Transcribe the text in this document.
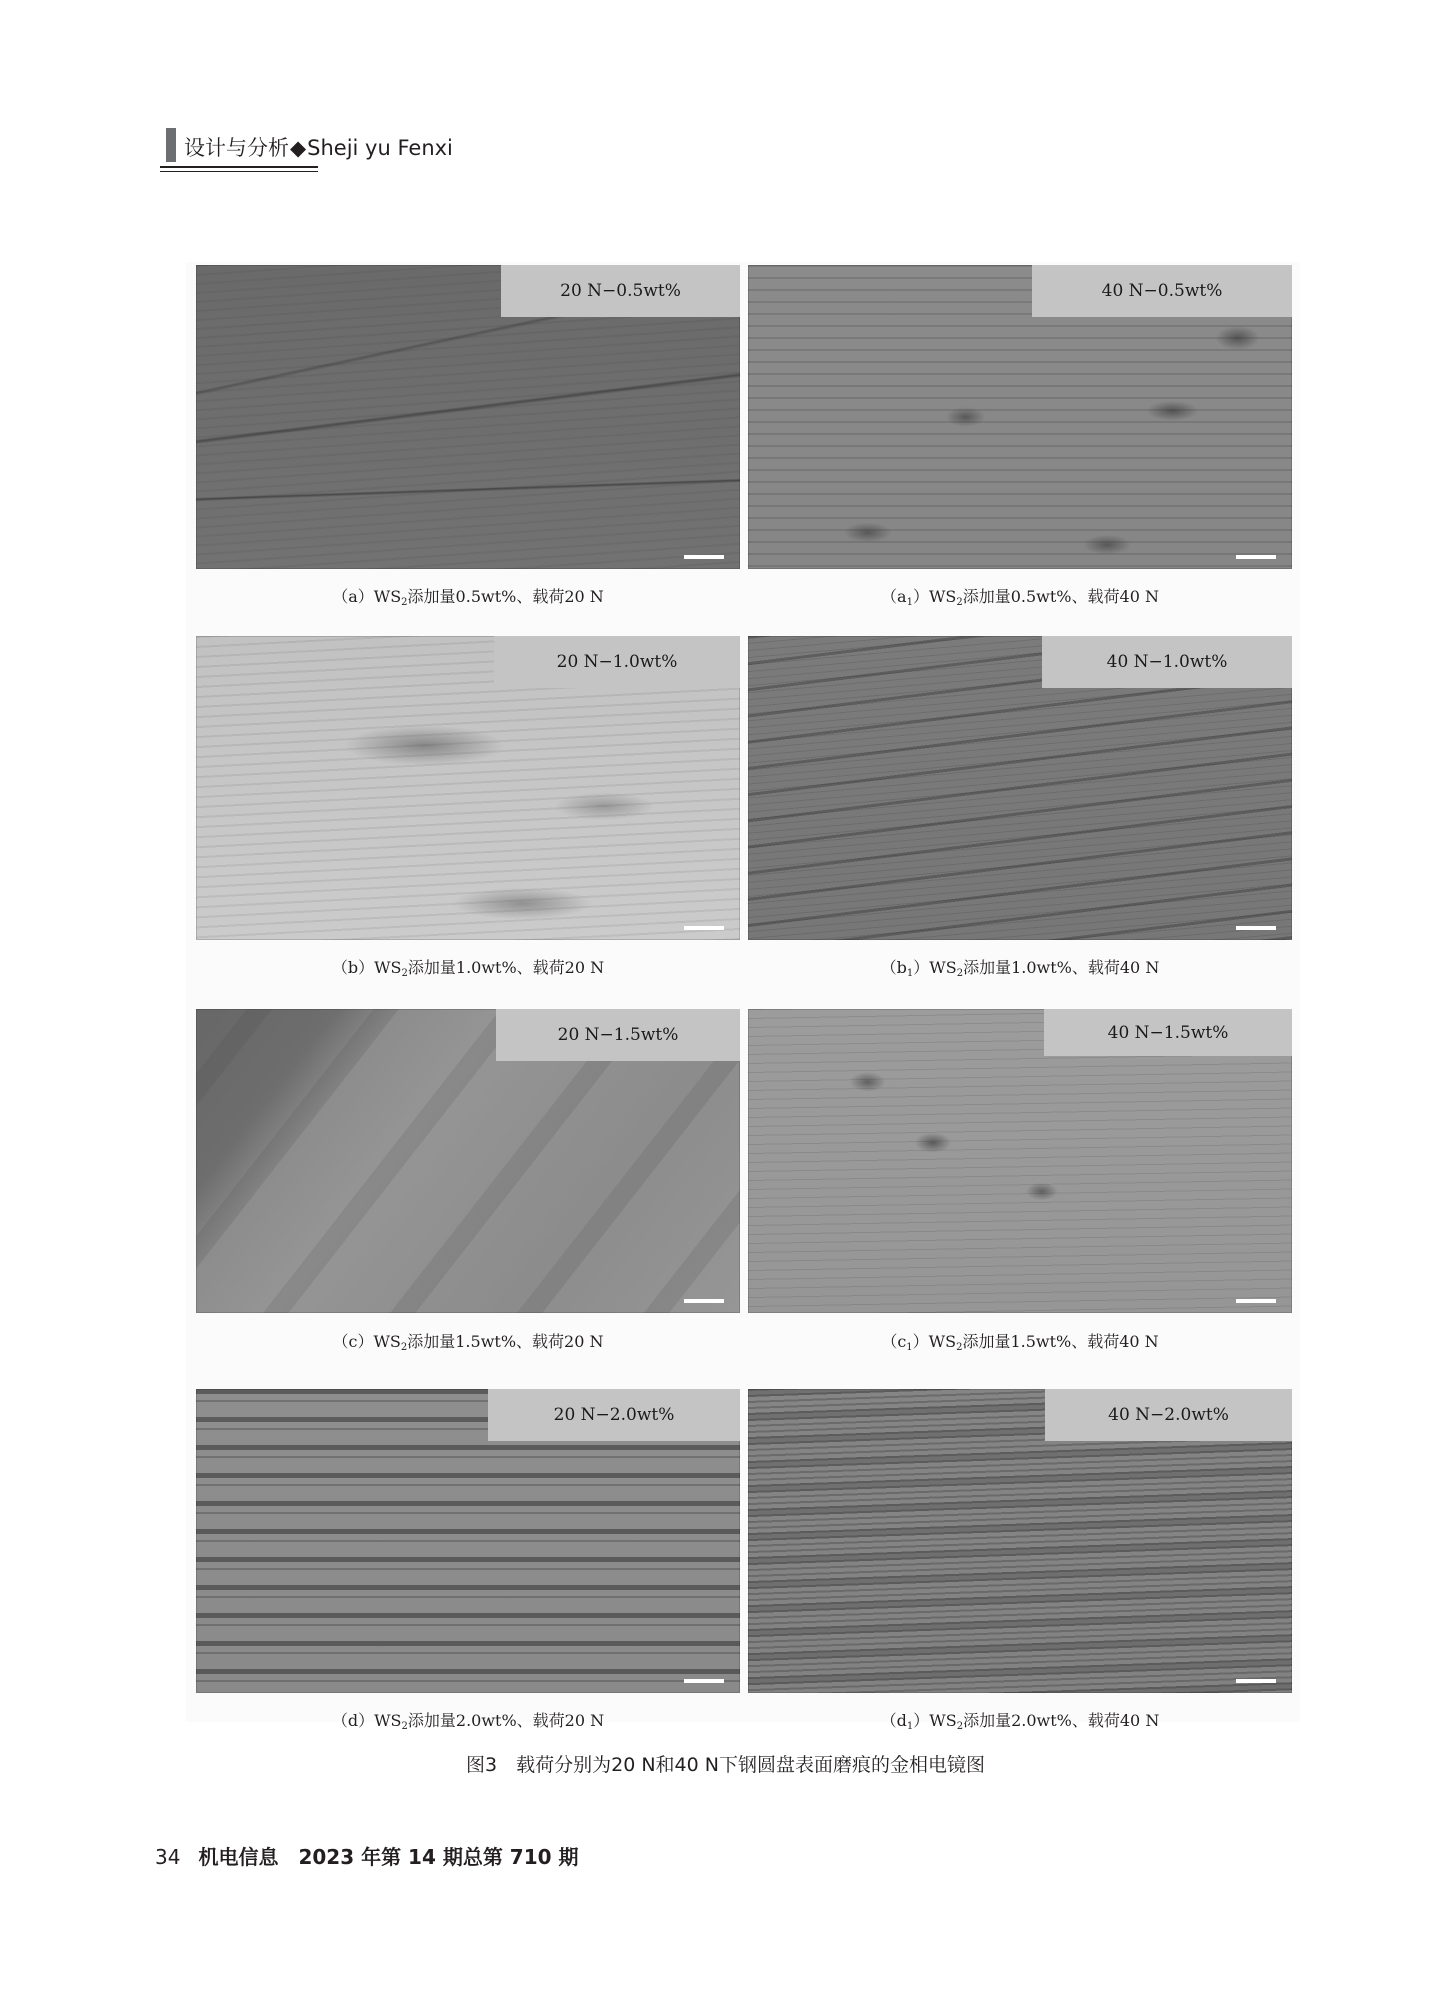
设计与分析◆Sheji yu Fenxi
20 N−0.5wt%
$(a)WS_2$添加量0.5wt%、载荷20 N
40 N−0.5wt%
$(a_1)WS_2$添加量0.5wt%、载荷40 N
20 N−1.0wt%
$(b)WS_2$添加量1.0wt%、载荷20 N
40 N−1.0wt%
$(b_1)WS_2$添加量1.0wt%、载荷40 N
20 N−1.5wt%
$(c)WS_2$添加量1.5wt%、载荷20 N
40 N−1.5wt%
$(c_1)WS_2$添加量1.5wt%、载荷40 N
20 N−2.0wt%
$(d)WS_2$添加量2.0wt%、载荷20 N
40 N−2.0wt%
$(d_1)WS_2$添加量2.0wt%、载荷40 N
图3　载荷分别为20 N和40 N下钢圆盘表面磨痕的金相电镜图
34 机电信息　2023 年第 14 期总第 710 期
